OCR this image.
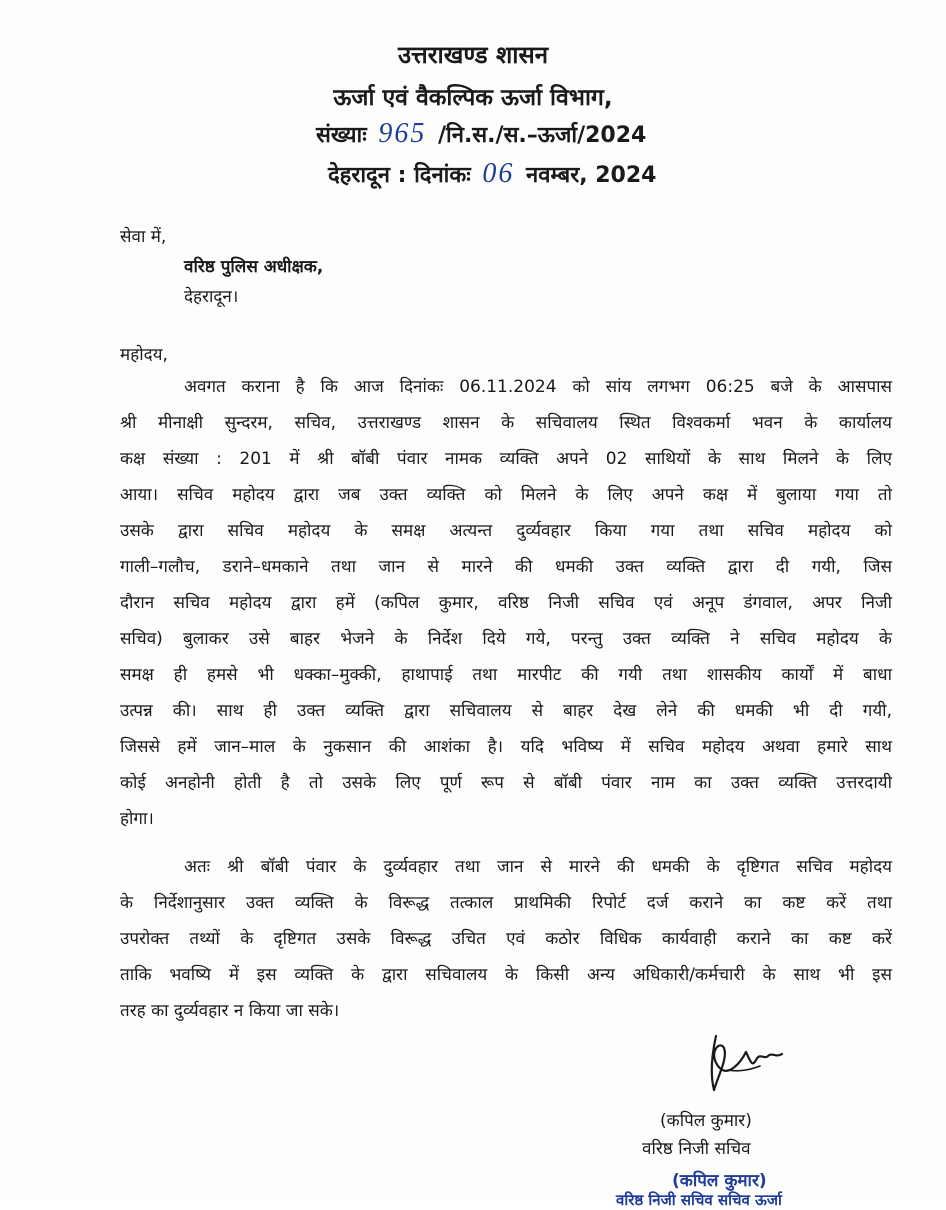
उत्तराखण्ड शासन
ऊर्जा एवं वैकल्पिक ऊर्जा विभाग,
संख्याः 965 /नि.स./स.–ऊर्जा/2024
देहरादून : दिनांकः 06 नवम्बर, 2024
सेवा में,
वरिष्ठ पुलिस अधीक्षक,
देहरादून।
महोदय,
अवगत कराना है कि आज दिनांकः 06.11.2024 को सांय लगभग 06:25 बजे के आसपास
श्री मीनाक्षी सुन्दरम, सचिव, उत्तराखण्ड शासन के सचिवालय स्थित विश्वकर्मा भवन के कार्यालय
कक्ष संख्या : 201 में श्री बॉबी पंवार नामक व्यक्ति अपने 02 साथियों के साथ मिलने के लिए
आया। सचिव महोदय द्वारा जब उक्त व्यक्ति को मिलने के लिए अपने कक्ष में बुलाया गया तो
उसके द्वारा सचिव महोदय के समक्ष अत्यन्त दुर्व्यवहार किया गया तथा सचिव महोदय को
गाली–गलौच, डराने–धमकाने तथा जान से मारने की धमकी उक्त व्यक्ति द्वारा दी गयी, जिस
दौरान सचिव महोदय द्वारा हमें (कपिल कुमार, वरिष्ठ निजी सचिव एवं अनूप डंगवाल, अपर निजी
सचिव) बुलाकर उसे बाहर भेजने के निर्देश दिये गये, परन्तु उक्त व्यक्ति ने सचिव महोदय के
समक्ष ही हमसे भी धक्का–मुक्की, हाथापाई तथा मारपीट की गयी तथा शासकीय कार्यों में बाधा
उत्पन्न की। साथ ही उक्त व्यक्ति द्वारा सचिवालय से बाहर देख लेने की धमकी भी दी गयी,
जिससे हमें जान–माल के नुकसान की आशंका है। यदि भविष्य में सचिव महोदय अथवा हमारे साथ
कोई अनहोनी होती है तो उसके लिए पूर्ण रूप से बॉबी पंवार नाम का उक्त व्यक्ति उत्तरदायी
होगा।
अतः श्री बॉबी पंवार के दुर्व्यवहार तथा जान से मारने की धमकी के दृष्टिगत सचिव महोदय
के निर्देशानुसार उक्त व्यक्ति के विरूद्ध तत्काल प्राथमिकी रिपोर्ट दर्ज कराने का कष्ट करें तथा
उपरोक्त तथ्यों के दृष्टिगत उसके विरूद्ध उचित एवं कठोर विधिक कार्यवाही कराने का कष्ट करें
ताकि भवष्यि में इस व्यक्ति के द्वारा सचिवालय के किसी अन्य अधिकारी/कर्मचारी के साथ भी इस
तरह का दुर्व्यवहार न किया जा सके।
(कपिल कुमार)
वरिष्ठ निजी सचिव
(कपिल कुमार)
वरिष्ठ निजी सचिव सचिव ऊर्जा
